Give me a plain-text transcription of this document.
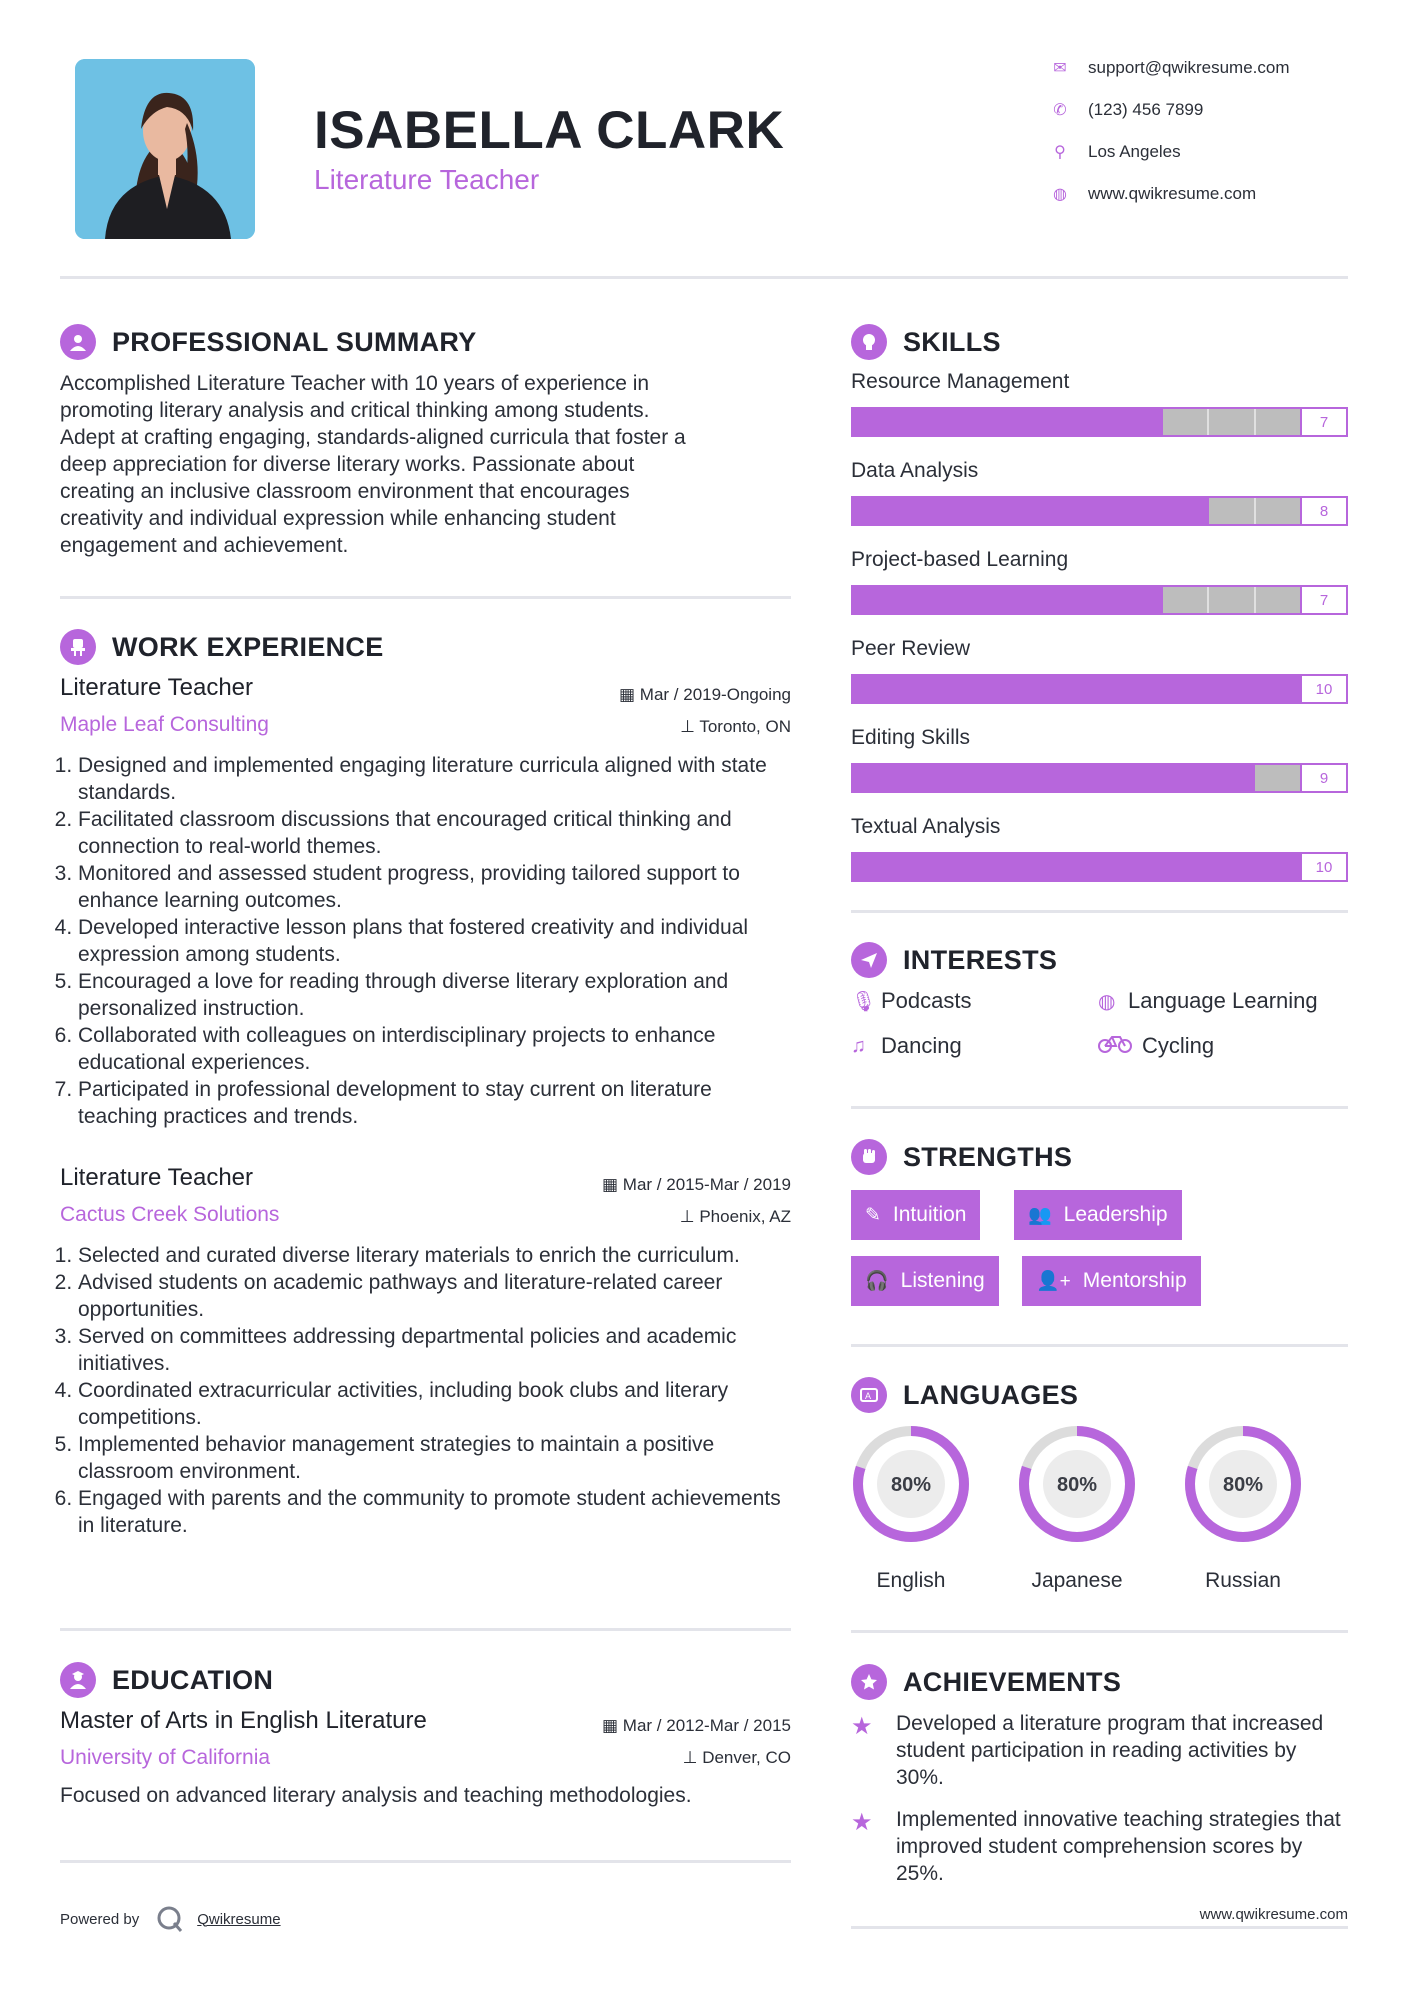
ISABELLA CLARK
Literature Teacher
✉ support@qwikresume.com
✆ (123) 456 7899
⚲ Los Angeles
◍ www.qwikresume.com
PROFESSIONAL SUMMARY
Accomplished Literature Teacher with 10 years of experience in
promoting literary analysis and critical thinking among students.
Adept at crafting engaging, standards-aligned curricula that foster a
deep appreciation for diverse literary works. Passionate about
creating an inclusive classroom environment that encourages
creativity and individual expression while enhancing student
engagement and achievement.
WORK EXPERIENCE
Literature Teacher
Maple Leaf Consulting
▦ Mar / 2019-Ongoing
⊥ Toronto, ON
1. Designed and implemented engaging literature curricula aligned with state standards.
2. Facilitated classroom discussions that encouraged critical thinking and connection to real-world themes.
3. Monitored and assessed student progress, providing tailored support to enhance learning outcomes.
4. Developed interactive lesson plans that fostered creativity and individual expression among students.
5. Encouraged a love for reading through diverse literary exploration and personalized instruction.
6. Collaborated with colleagues on interdisciplinary projects to enhance educational experiences.
7. Participated in professional development to stay current on literature teaching practices and trends.
Literature Teacher
Cactus Creek Solutions
▦ Mar / 2015-Mar / 2019
⊥ Phoenix, AZ
1. Selected and curated diverse literary materials to enrich the curriculum.
2. Advised students on academic pathways and literature-related career opportunities.
3. Served on committees addressing departmental policies and academic initiatives.
4. Coordinated extracurricular activities, including book clubs and literary competitions.
5. Implemented behavior management strategies to maintain a positive classroom environment.
6. Engaged with parents and the community to promote student achievements in literature.
EDUCATION
Master of Arts in English Literature
University of California
▦ Mar / 2012-Mar / 2015
⊥ Denver, CO
Focused on advanced literary analysis and teaching methodologies.
Powered by	Qwikresume
SKILLS
Resource Management
7
Data Analysis
8
Project-based Learning
7
Peer Review
10
Editing Skills
9
Textual Analysis
10
INTERESTS
🎙 Podcasts	◍ Language Learning
♫ Dancing	Cycling
STRENGTHS
✎ Intuition	👥 Leadership
🎧 Listening	👤+ Mentorship
A LANGUAGES
80%
English
80%
Japanese
80%
Russian
ACHIEVEMENTS
★ Developed a literature program that increased student participation in reading activities by 30%.
★ Implemented innovative teaching strategies that improved student comprehension scores by 25%.
www.qwikresume.com
